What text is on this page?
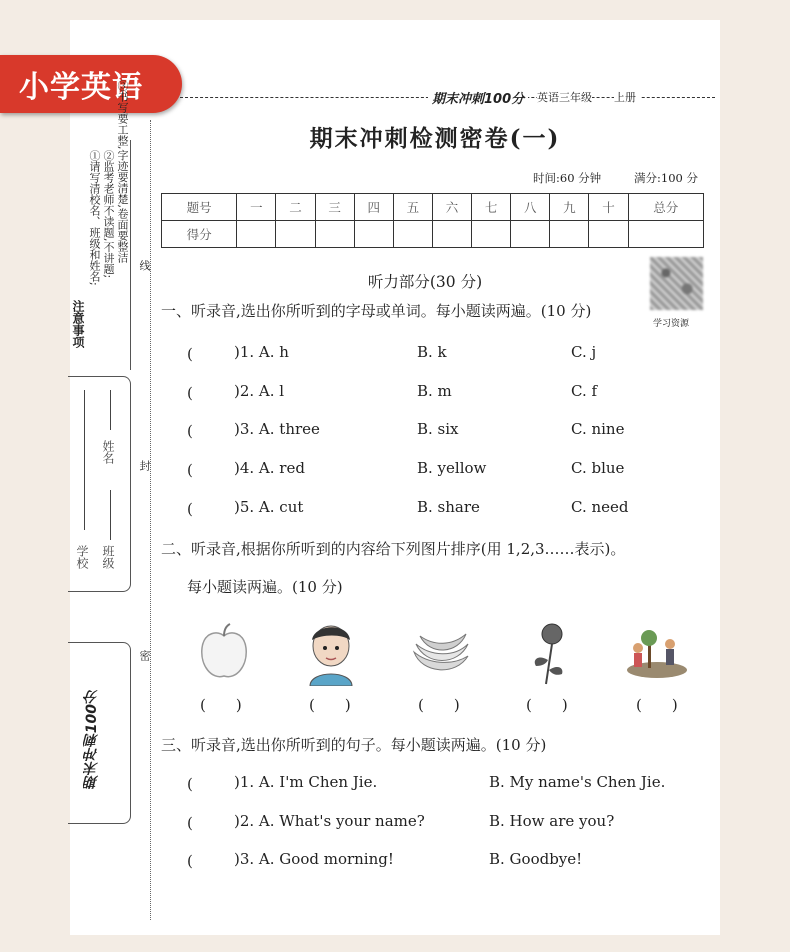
小学英语	期末冲刺100分	英语三年级 上册
注意事项
①请写清校名、班级和姓名; ②监考老师不读题,不讲题; ③书写要工整,字迹要清楚,卷面要整洁
线
学校 班级
姓名
封
期末冲刺100分
密
期末冲刺检测密卷(一)
时间:60 分钟	满分:100 分
题号	一	二	三	四	五	六	七	八	九	十	总分
得分											
学习资源
听力部分(30 分)
一、听录音,选出你所听到的字母或单词。每小题读两遍。(10 分)
(　　 )1. A. h	B. k	C. j
(　　 )2. A. l	B. m	C. f
(　　 )3. A. three	B. six	C. nine
(　　 )4. A. red	B. yellow	C. blue
(　　 )5. A. cut	B. share	C. need
二、听录音,根据你所听到的内容给下列图片排序(用 1,2,3……表示)。
每小题读两遍。(10 分)
(　　)	(　　)	(　　)	(　　)	(　　)
三、听录音,选出你所听到的句子。每小题读两遍。(10 分)
(　　 )1. A. I'm Chen Jie.	B. My name's Chen Jie.
(　　 )2. A. What's your name?	B. How are you?
(　　 )3. A. Good morning!	B. Goodbye!
